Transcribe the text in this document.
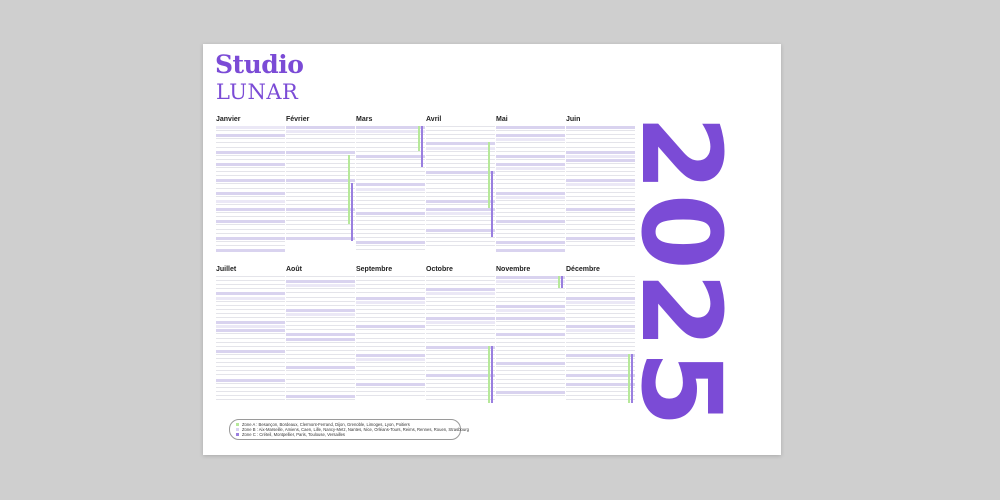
Studio
LUNAR
Janvier	Février	Mars	Avril	Mai	Juin
Juillet	Août	Septembre	Octobre	Novembre	Décembre 2025
Zone A : Besançon, Bordeaux, Clermont-Ferrand, Dijon, Grenoble, Limoges, Lyon, Poitiers
Zone B : Aix-Marseille, Amiens, Caen, Lille, Nancy-Metz, Nantes, Nice, Orléans-Tours, Reims, Rennes, Rouen, Strasbourg
Zone C : Créteil, Montpellier, Paris, Toulouse, Versailles
